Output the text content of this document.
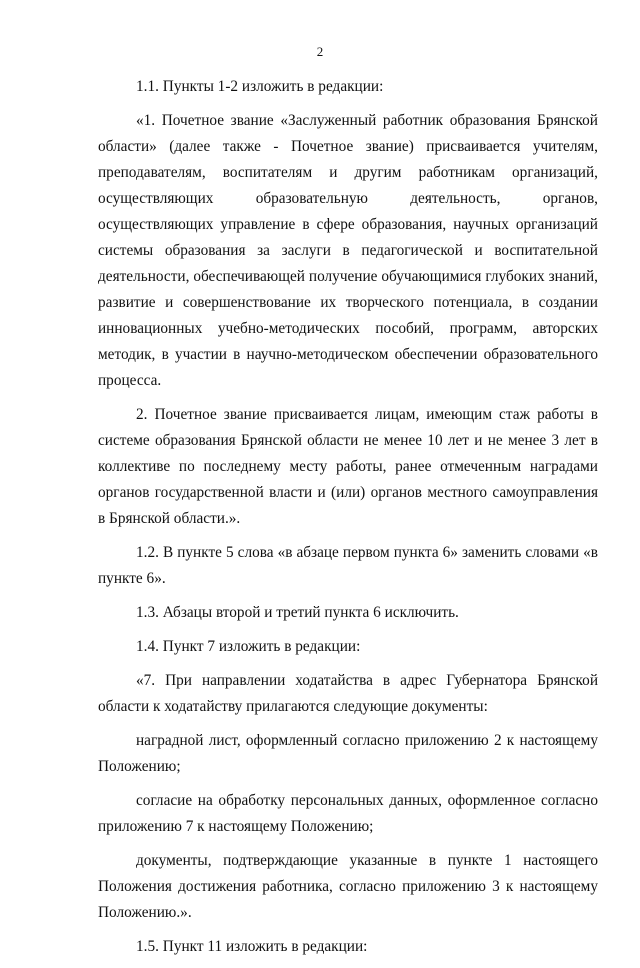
2

1.1. Пункты 1-2 изложить в редакции:

«1. Почетное звание «Заслуженный работник образования Брянской области» (далее также - Почетное звание) присваивается учителям, преподавателям, воспитателям и другим работникам организаций, осуществляющих образовательную деятельность, органов, осуществляющих управление в сфере образования, научных организаций системы образования за заслуги в педагогической и воспитательной деятельности, обеспечивающей получение обучающимися глубоких знаний, развитие и совершенствование их творческого потенциала, в создании инновационных учебно-методических пособий, программ, авторских методик, в участии в научно-методическом обеспечении образовательного процесса.

2. Почетное звание присваивается лицам, имеющим стаж работы в системе образования Брянской области не менее 10 лет и не менее 3 лет в коллективе по последнему месту работы, ранее отмеченным наградами органов государственной власти и (или) органов местного самоуправления в Брянской области.».

1.2. В пункте 5 слова «в абзаце первом пункта 6» заменить словами «в пункте 6».

1.3. Абзацы второй и третий пункта 6 исключить.

1.4. Пункт 7 изложить в редакции:

«7. При направлении ходатайства в адрес Губернатора Брянской области к ходатайству прилагаются следующие документы:

наградной лист, оформленный согласно приложению 2 к настоящему Положению;

согласие на обработку персональных данных, оформленное согласно приложению 7 к настоящему Положению;

документы, подтверждающие указанные в пункте 1 настоящего Положения достижения работника, согласно приложению 3 к настоящему Положению.».

1.5. Пункт 11 изложить в редакции:
